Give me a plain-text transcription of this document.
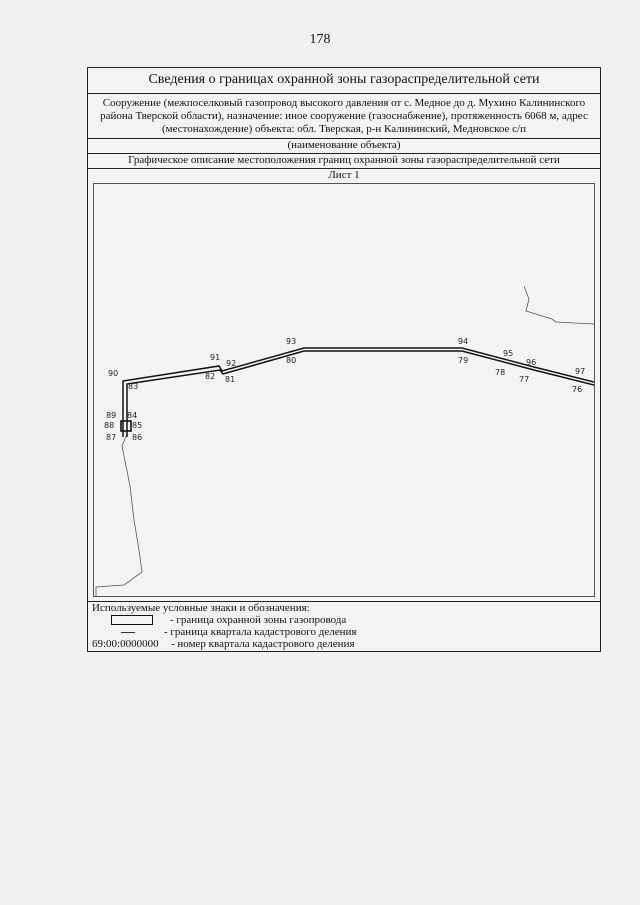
178
Сведения о границах охранной зоны газораспределительной сети
Сооружение (межпоселковый газопровод высокого давления от с. Медное до д. Мухино Калининского района Тверской области), назначение: иное сооружение (газоснабжение), протяженность 6068 м, адрес (местонахождение) объекта: обл. Тверская, р-н Калининский, Медновское с/п
(наименование объекта)
Графическое описание местоположения границ охранной зоны газораспределительной сети
Лист 1
90
83
91
92
82 81
93
80
94
79
95
78
96
77
97
76
89 84
88 85
87 86
Используемые условные знаки и обозначения:
- граница охранной зоны газопровода
- граница квартала кадастрового деления
69:00:0000000 - номер квартала кадастрового деления
